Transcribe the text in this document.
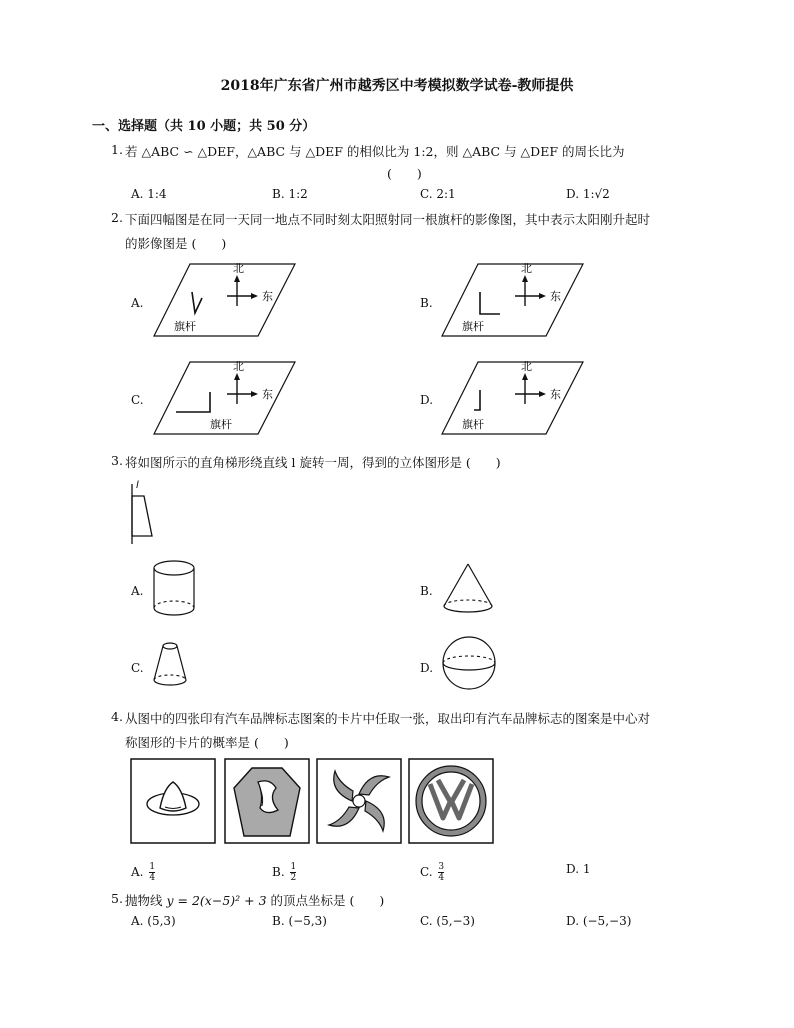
2018年广东省广州市越秀区中考模拟数学试卷-教师提供
一、选择题（共 10 小题；共 50 分）
1. 若 △ABC ∽ △DEF，△ABC 与 △DEF 的相似比为 1:2，则 △ABC 与 △DEF 的周长比为
(　　)
A. 1:4	B. 1:2	C. 2:1	D. 1:√2
2. 下面四幅图是在同一天同一地点不同时刻太阳照射同一根旗杆的影像图，其中表示太阳刚升起时
的影像图是 (　　)
A.
北
东
旗杆
B.
北
东
旗杆
C.
北
东
旗杆
D.
北
东
旗杆
3. 将如图所示的直角梯形绕直线 l 旋转一周，得到的立体图形是 (　　)
l
A.	B.
C.	D.
4. 从图中的四张印有汽车品牌标志图案的卡片中任取一张，取出印有汽车品牌标志的图案是中心对
称图形的卡片的概率是 (　　)
A. $\frac{1}{4}$	B. $\frac{1}{2}$	C. $\frac{3}{4}$	D. 1
5. 抛物线 y = 2(x−5)² + 3 的顶点坐标是 (　　)
A. (5,3)	B. (−5,3)	C. (5,−3)	D. (−5,−3)
